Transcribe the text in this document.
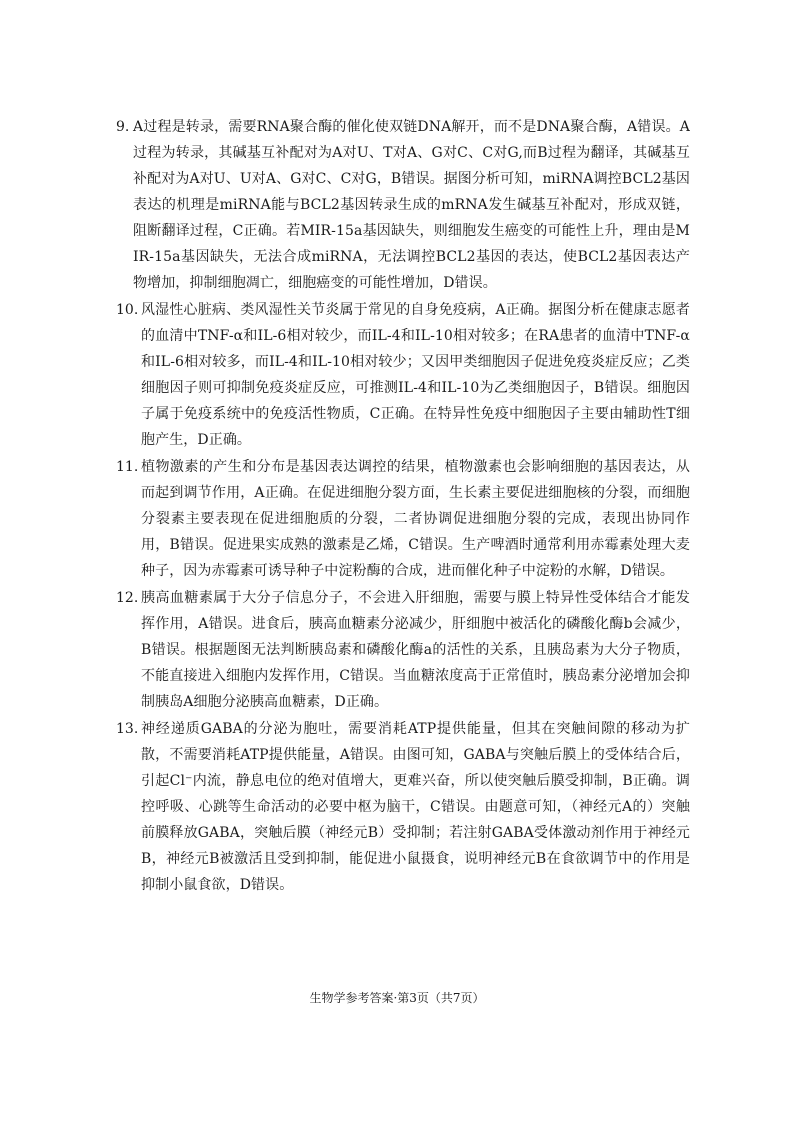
9. A过程是转录，需要RNA聚合酶的催化使双链DNA解开，而不是DNA聚合酶，A错误。A过程为转录，其碱基互补配对为A对U、T对A、G对C、C对G,而B过程为翻译，其碱基互补配对为A对U、U对A、G对C、C对G，B错误。据图分析可知，miRNA调控BCL2基因表达的机理是miRNA能与BCL2基因转录生成的mRNA发生碱基互补配对，形成双链，阻断翻译过程，C正确。若MIR-15a基因缺失，则细胞发生癌变的可能性上升，理由是MIR-15a基因缺失，无法合成miRNA，无法调控BCL2基因的表达，使BCL2基因表达产物增加，抑制细胞凋亡，细胞癌变的可能性增加，D错误。
10. 风湿性心脏病、类风湿性关节炎属于常见的自身免疫病，A正确。据图分析在健康志愿者的血清中TNF-α和IL-6相对较少，而IL-4和IL-10相对较多；在RA患者的血清中TNF-α和IL-6相对较多，而IL-4和IL-10相对较少；又因甲类细胞因子促进免疫炎症反应；乙类细胞因子则可抑制免疫炎症反应，可推测IL-4和IL-10为乙类细胞因子，B错误。细胞因子属于免疫系统中的免疫活性物质，C正确。在特异性免疫中细胞因子主要由辅助性T细胞产生，D正确。
11. 植物激素的产生和分布是基因表达调控的结果，植物激素也会影响细胞的基因表达，从而起到调节作用，A正确。在促进细胞分裂方面，生长素主要促进细胞核的分裂，而细胞分裂素主要表现在促进细胞质的分裂，二者协调促进细胞分裂的完成，表现出协同作用，B错误。促进果实成熟的激素是乙烯，C错误。生产啤酒时通常利用赤霉素处理大麦种子，因为赤霉素可诱导种子中淀粉酶的合成，进而催化种子中淀粉的水解，D错误。
12. 胰高血糖素属于大分子信息分子，不会进入肝细胞，需要与膜上特异性受体结合才能发挥作用，A错误。进食后，胰高血糖素分泌减少，肝细胞中被活化的磷酸化酶b会减少，B错误。根据题图无法判断胰岛素和磷酸化酶a的活性的关系，且胰岛素为大分子物质，不能直接进入细胞内发挥作用，C错误。当血糖浓度高于正常值时，胰岛素分泌增加会抑制胰岛A细胞分泌胰高血糖素，D正确。
13. 神经递质GABA的分泌为胞吐，需要消耗ATP提供能量，但其在突触间隙的移动为扩散，不需要消耗ATP提供能量，A错误。由图可知，GABA与突触后膜上的受体结合后，引起Cl⁻内流，静息电位的绝对值增大，更难兴奋，所以使突触后膜受抑制，B正确。调控呼吸、心跳等生命活动的必要中枢为脑干，C错误。由题意可知，（神经元A的）突触前膜释放GABA，突触后膜（神经元B）受抑制；若注射GABA受体激动剂作用于神经元B，神经元B被激活且受到抑制，能促进小鼠摄食，说明神经元B在食欲调节中的作用是抑制小鼠食欲，D错误。
生物学参考答案·第3页（共7页）
